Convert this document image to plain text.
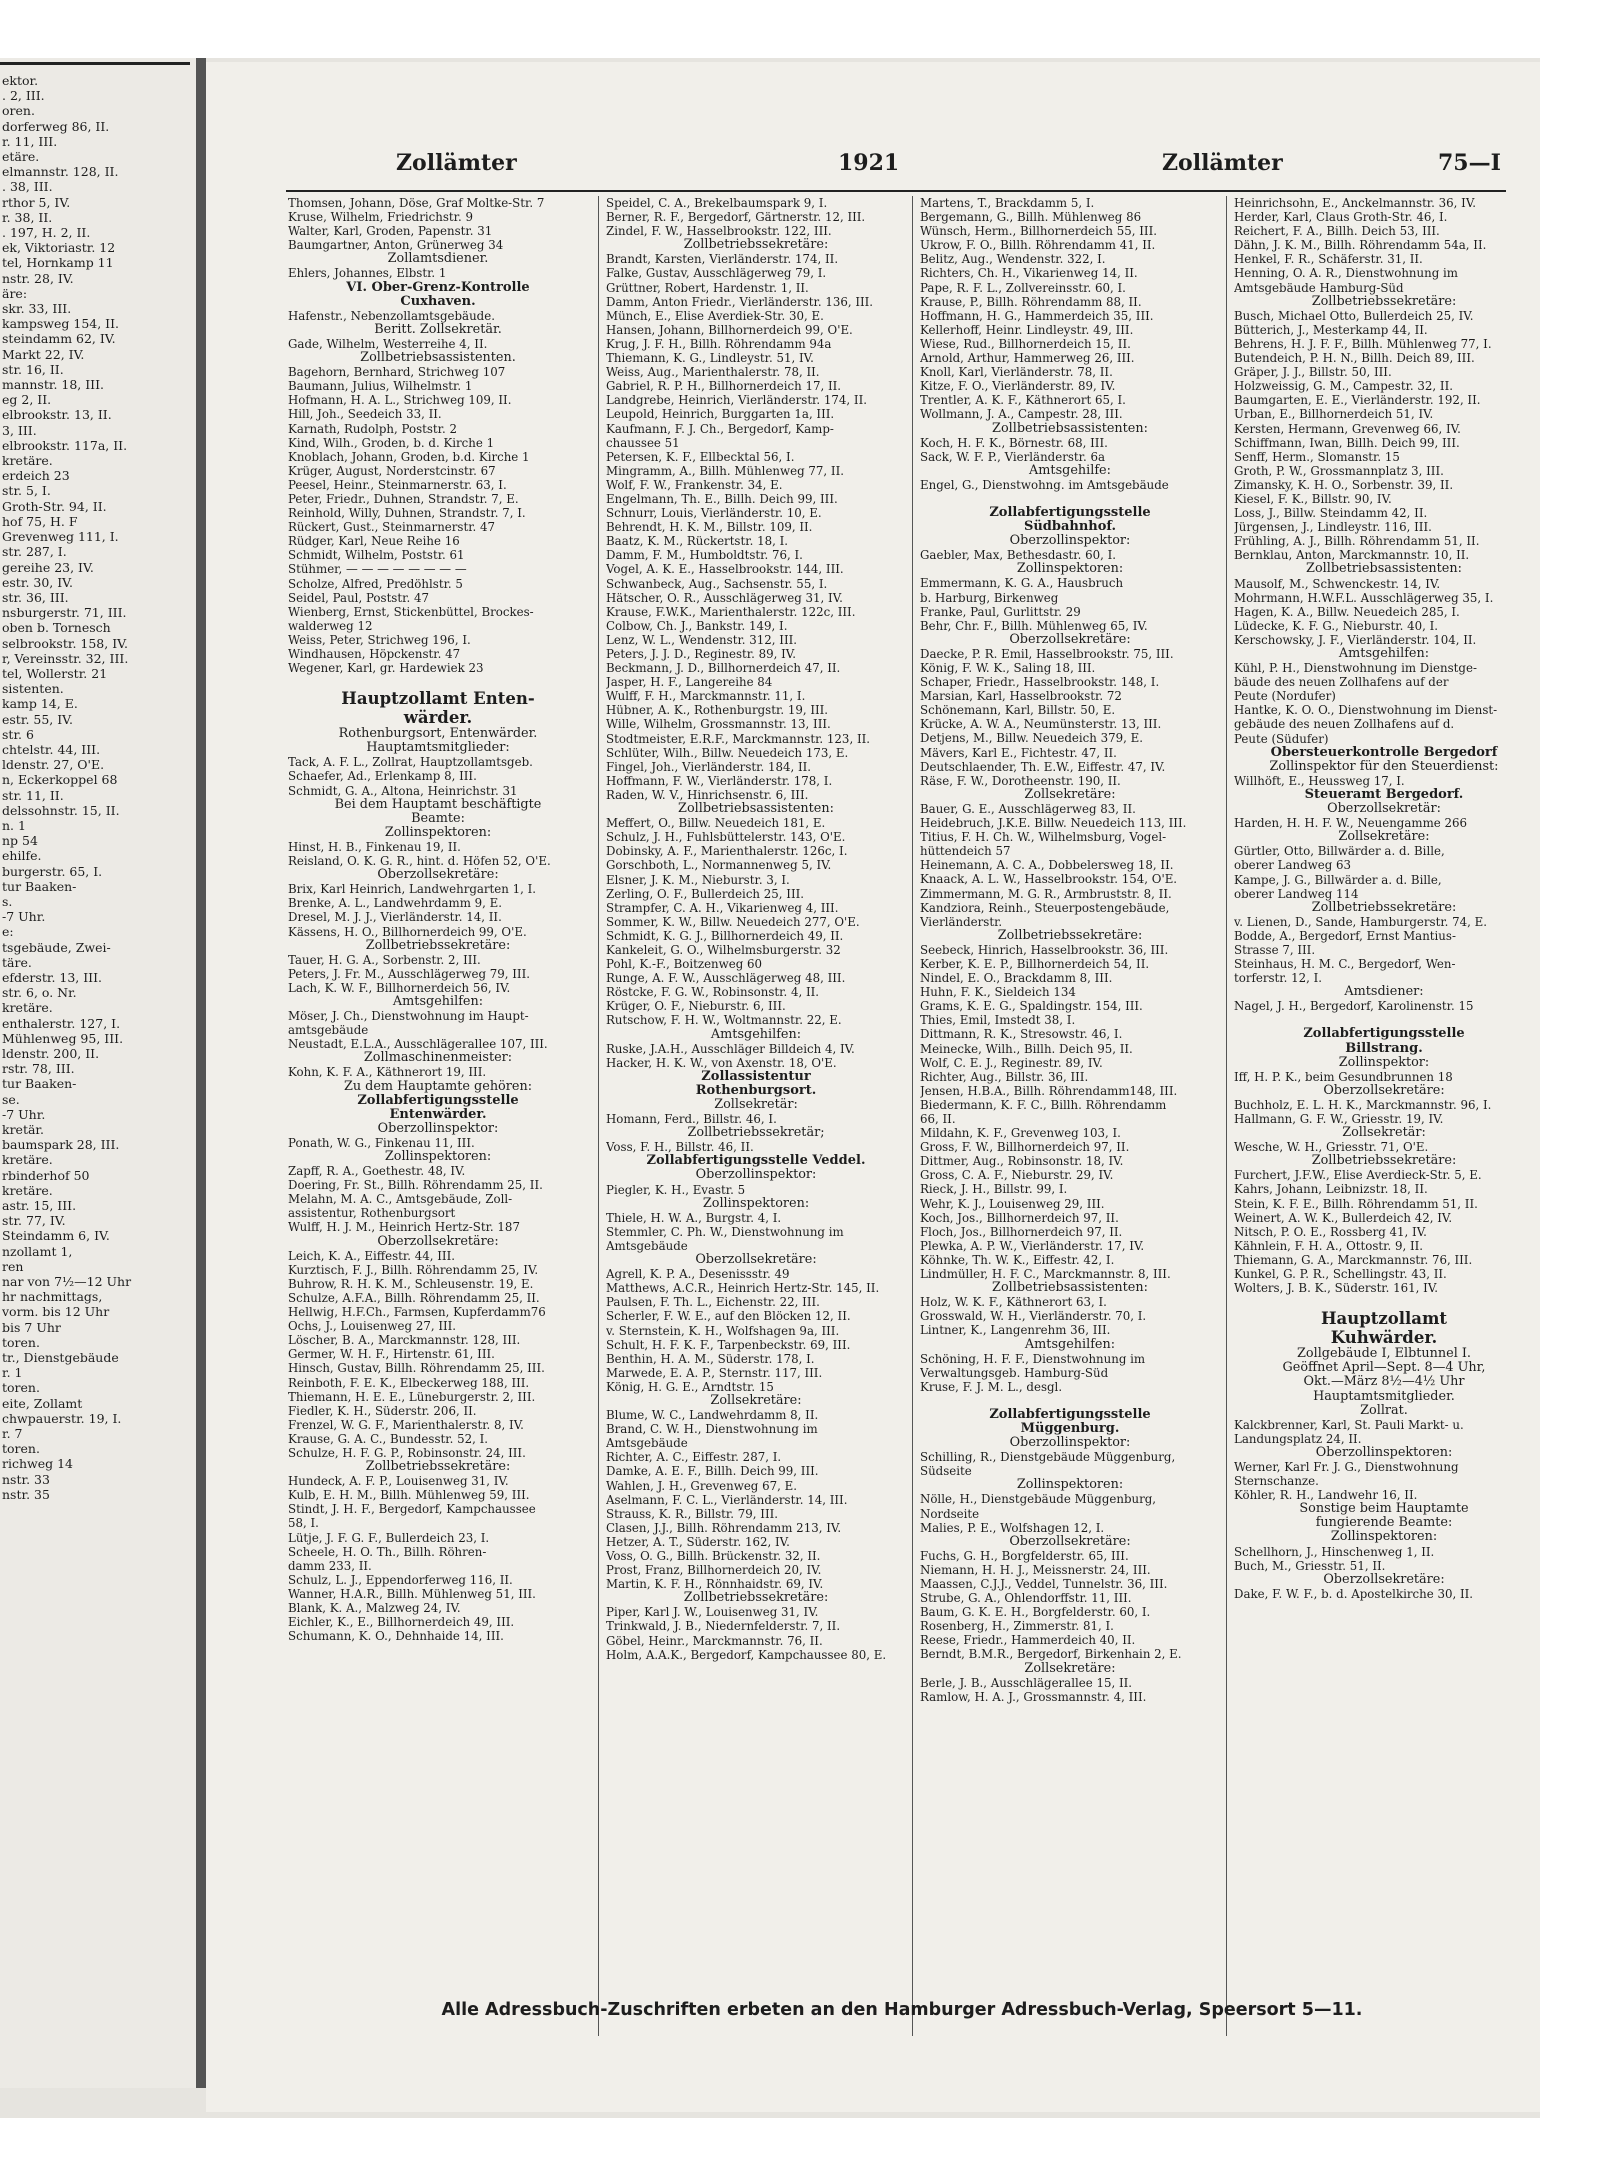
ektor.
. 2, III.
oren.
dorferweg 86, II.
r. 11, III.
etäre.
elmannstr. 128, II.
. 38, III.
rthor 5, IV.
r. 38, II.
. 197, H. 2, II.
ek, Viktoriastr. 12
tel, Hornkamp 11
nstr. 28, IV.
äre:
skr. 33, III.
kampsweg 154, II.
steindamm 62, IV.
Markt 22, IV.
str. 16, II.
mannstr. 18, III.
eg 2, II.
elbrookstr. 13, II.
3, III.
elbrookstr. 117a, II.
kretäre.
erdeich 23
str. 5, I.
Groth-Str. 94, II.
hof 75, H. F
Grevenweg 111, I.
str. 287, I.
gereihe 23, IV.
estr. 30, IV.
str. 36, III.
nsburgerstr. 71, III.
oben b. Tornesch
selbrookstr. 158, IV.
r, Vereinsstr. 32, III.
tel, Wollerstr. 21
sistenten.
kamp 14, E.
estr. 55, IV.
str. 6
chtelstr. 44, III.
ldenstr. 27, O'E.
n, Eckerkoppel 68
str. 11, II.
delssohnstr. 15, II.
n. 1
np 54
ehilfe.
burgerstr. 65, I.
tur Baaken-
s.
-7 Uhr.
e:
tsgebäude, Zwei-
täre.
efderstr. 13, III.
str. 6, o. Nr.
kretäre.
enthalerstr. 127, I.
Mühlenweg 95, III.
ldenstr. 200, II.
rstr. 78, III.
tur Baaken-
se.
-7 Uhr.
kretär.
baumspark 28, III.
kretäre.
rbinderhof 50
kretäre.
astr. 15, III.
str. 77, IV.
Steindamm 6, IV.
nzollamt 1,
ren
nar von 7½—12 Uhr
hr nachmittags,
vorm. bis 12 Uhr
bis 7 Uhr
toren.
tr., Dienstgebäude
r. 1
toren.
eite, Zollamt
chwpauerstr. 19, I.
r. 7
toren.
richweg 14
nstr. 33
nstr. 35
Zollämter	1921	Zollämter	75—I
Thomsen, Johann, Döse, Graf Moltke-Str. 7
Kruse, Wilhelm, Friedrichstr. 9
Walter, Karl, Groden, Papenstr. 31
Baumgartner, Anton, Grünerweg 34
Zollamtsdiener.
Ehlers, Johannes, Elbstr. 1
VI. Ober-Grenz-Kontrolle
Cuxhaven.
Hafenstr., Nebenzollamtsgebäude.
Beritt. Zollsekretär.
Gade, Wilhelm, Westerreihe 4, II.
Zollbetriebsassistenten.
Bagehorn, Bernhard, Strichweg 107
Baumann, Julius, Wilhelmstr. 1
Hofmann, H. A. L., Strichweg 109, II.
Hill, Joh., Seedeich 33, II.
Karnath, Rudolph, Poststr. 2
Kind, Wilh., Groden, b. d. Kirche 1
Knoblach, Johann, Groden, b.d. Kirche 1
Krüger, August, Norderstcinstr. 67
Peesel, Heinr., Steinmarnerstr. 63, I.
Peter, Friedr., Duhnen, Strandstr. 7, E.
Reinhold, Willy, Duhnen, Strandstr. 7, I.
Rückert, Gust., Steinmarnerstr. 47
Rüdger, Karl, Neue Reihe 16
Schmidt, Wilhelm, Poststr. 61
Stühmer, — — — — — — — —
Scholze, Alfred, Predöhlstr. 5
Seidel, Paul, Poststr. 47
Wienberg, Ernst, Stickenbüttel, Brockes-
walderweg 12
Weiss, Peter, Strichweg 196, I.
Windhausen, Höpckenstr. 47
Wegener, Karl, gr. Hardewiek 23
Hauptzollamt Enten-
wärder.
Rothenburgsort, Entenwärder.
Hauptamtsmitglieder:
Tack, A. F. L., Zollrat, Hauptzollamtsgeb.
Schaefer, Ad., Erlenkamp 8, III.
Schmidt, G. A., Altona, Heinrichstr. 31
Bei dem Hauptamt beschäftigte
Beamte:
Zollinspektoren:
Hinst, H. B., Finkenau 19, II.
Reisland, O. K. G. R., hint. d. Höfen 52, O'E.
Oberzollsekretäre:
Brix, Karl Heinrich, Landwehrgarten 1, I.
Brenke, A. L., Landwehrdamm 9, E.
Dresel, M. J. J., Vierländerstr. 14, II.
Kässens, H. O., Billhornerdeich 99, O'E.
Zollbetriebssekretäre:
Tauer, H. G. A., Sorbenstr. 2, III.
Peters, J. Fr. M., Ausschlägerweg 79, III.
Lach, K. W. F., Billhornerdeich 56, IV.
Amtsgehilfen:
Möser, J. Ch., Dienstwohnung im Haupt-
amtsgebäude
Neustadt, E.L.A., Ausschlägerallee 107, III.
Zollmaschinenmeister:
Kohn, K. F. A., Käthnerort 19, III.
Zu dem Hauptamte gehören:
Zollabfertigungsstelle
Entenwärder.
Oberzollinspektor:
Ponath, W. G., Finkenau 11, III.
Zollinspektoren:
Zapff, R. A., Goethestr. 48, IV.
Doering, Fr. St., Billh. Röhrendamm 25, II.
Melahn, M. A. C., Amtsgebäude, Zoll-
assistentur, Rothenburgsort
Wulff, H. J. M., Heinrich Hertz-Str. 187
Oberzollsekretäre:
Leich, K. A., Eiffestr. 44, III.
Kurztisch, F. J., Billh. Röhrendamm 25, IV.
Buhrow, R. H. K. M., Schleusenstr. 19, E.
Schulze, A.F.A., Billh. Röhrendamm 25, II.
Hellwig, H.F.Ch., Farmsen, Kupferdamm76
Ochs, J., Louisenweg 27, III.
Löscher, B. A., Marckmannstr. 128, III.
Germer, W. H. F., Hirtenstr. 61, III.
Hinsch, Gustav, Billh. Röhrendamm 25, III.
Reinboth, F. E. K., Elbeckerweg 188, III.
Thiemann, H. E. E., Lüneburgerstr. 2, III.
Fiedler, K. H., Süderstr. 206, II.
Frenzel, W. G. F., Marienthalerstr. 8, IV.
Krause, G. A. C., Bundesstr. 52, I.
Schulze, H. F. G. P., Robinsonstr. 24, III.
Zollbetriebssekretäre:
Hundeck, A. F. P., Louisenweg 31, IV.
Kulb, E. H. M., Billh. Mühlenweg 59, III.
Stindt, J. H. F., Bergedorf, Kampchaussee
58, I.
Lütje, J. F. G. F., Bullerdeich 23, I.
Scheele, H. O. Th., Billh. Röhren-
damm 233, II.
Schulz, L. J., Eppendorferweg 116, II.
Wanner, H.A.R., Billh. Mühlenweg 51, III.
Blank, K. A., Malzweg 24, IV.
Eichler, K., E., Billhornerdeich 49, III.
Schumann, K. O., Dehnhaide 14, III.
Speidel, C. A., Brekelbaumspark 9, I.
Berner, R. F., Bergedorf, Gärtnerstr. 12, III.
Zindel, F. W., Hasselbrookstr. 122, III.
Zollbetriebssekretäre:
Brandt, Karsten, Vierländerstr. 174, II.
Falke, Gustav, Ausschlägerweg 79, I.
Grüttner, Robert, Hardenstr. 1, II.
Damm, Anton Friedr., Vierländerstr. 136, III.
Münch, E., Elise Averdiek-Str. 30, E.
Hansen, Johann, Billhornerdeich 99, O'E.
Krug, J. F. H., Billh. Röhrendamm 94a
Thiemann, K. G., Lindleystr. 51, IV.
Weiss, Aug., Marienthalerstr. 78, II.
Gabriel, R. P. H., Billhornerdeich 17, II.
Landgrebe, Heinrich, Vierländerstr. 174, II.
Leupold, Heinrich, Burggarten 1a, III.
Kaufmann, F. J. Ch., Bergedorf, Kamp-
chaussee 51
Petersen, K. F., Ellbecktal 56, I.
Mingramm, A., Billh. Mühlenweg 77, II.
Wolf, F. W., Frankenstr. 34, E.
Engelmann, Th. E., Billh. Deich 99, III.
Schnurr, Louis, Vierländerstr. 10, E.
Behrendt, H. K. M., Billstr. 109, II.
Baatz, K. M., Rückertstr. 18, I.
Damm, F. M., Humboldtstr. 76, I.
Vogel, A. K. E., Hasselbrookstr. 144, III.
Schwanbeck, Aug., Sachsenstr. 55, I.
Hätscher, O. R., Ausschlägerweg 31, IV.
Krause, F.W.K., Marienthalerstr. 122c, III.
Colbow, Ch. J., Bankstr. 149, I.
Lenz, W. L., Wendenstr. 312, III.
Peters, J. J. D., Reginestr. 89, IV.
Beckmann, J. D., Billhornerdeich 47, II.
Jasper, H. F., Langereihe 84
Wulff, F. H., Marckmannstr. 11, I.
Hübner, A. K., Rothenburgstr. 19, III.
Wille, Wilhelm, Grossmannstr. 13, III.
Stodtmeister, E.R.F., Marckmannstr. 123, II.
Schlüter, Wilh., Billw. Neuedeich 173, E.
Fingel, Joh., Vierländerstr. 184, II.
Hoffmann, F. W., Vierländerstr. 178, I.
Raden, W. V., Hinrichsenstr. 6, III.
Zollbetriebsassistenten:
Meffert, O., Billw. Neuedeich 181, E.
Schulz, J. H., Fuhlsbüttelerstr. 143, O'E.
Dobinsky, A. F., Marienthalerstr. 126c, I.
Gorschboth, L., Normannenweg 5, IV.
Elsner, J. K. M., Nieburstr. 3, I.
Zerling, O. F., Bullerdeich 25, III.
Strampfer, C. A. H., Vikarienweg 4, III.
Sommer, K. W., Billw. Neuedeich 277, O'E.
Schmidt, K. G. J., Billhornerdeich 49, II.
Kankeleit, G. O., Wilhelmsburgerstr. 32
Pohl, K.-F., Boitzenweg 60
Runge, A. F. W., Ausschlägerweg 48, III.
Röstcke, F. G. W., Robinsonstr. 4, II.
Krüger, O. F., Nieburstr. 6, III.
Rutschow, F. H. W., Woltmannstr. 22, E.
Amtsgehilfen:
Ruske, J.A.H., Ausschläger Billdeich 4, IV.
Hacker, H. K. W., von Axenstr. 18, O'E.
Zollassistentur
Rothenburgsort.
Zollsekretär:
Homann, Ferd., Billstr. 46, I.
Zollbetriebssekretär;
Voss, F. H., Billstr. 46, II.
Zollabfertigungsstelle Veddel.
Oberzollinspektor:
Piegler, K. H., Evastr. 5
Zollinspektoren:
Thiele, H. W. A., Burgstr. 4, I.
Stemmler, C. Ph. W., Dienstwohnung im
Amtsgebäude
Oberzollsekretäre:
Agrell, K. P. A., Desenissstr. 49
Matthews, A.C.R., Heinrich Hertz-Str. 145, II.
Paulsen, F. Th. L., Eichenstr. 22, III.
Scherler, F. W. E., auf den Blöcken 12, II.
v. Sternstein, K. H., Wolfshagen 9a, III.
Schult, H. F. K. F., Tarpenbeckstr. 69, III.
Benthin, H. A. M., Süderstr. 178, I.
Marwede, E. A. P., Sternstr. 117, III.
König, H. G. E., Arndtstr. 15
Zollsekretäre:
Blume, W. C., Landwehrdamm 8, II.
Brand, C. W. H., Dienstwohnung im
Amtsgebäude
Richter, A. C., Eiffestr. 287, I.
Damke, A. E. F., Billh. Deich 99, III.
Wahlen, J. H., Grevenweg 67, E.
Aselmann, F. C. L., Vierländerstr. 14, III.
Strauss, K. R., Billstr. 79, III.
Clasen, J.J., Billh. Röhrendamm 213, IV.
Hetzer, A. T., Süderstr. 162, IV.
Voss, O. G., Billh. Brückenstr. 32, II.
Prost, Franz, Billhornerdeich 20, IV.
Martin, K. F. H., Rönnhaidstr. 69, IV.
Zollbetriebssekretäre:
Piper, Karl J. W., Louisenweg 31, IV.
Trinkwald, J. B., Niedernfelderstr. 7, II.
Göbel, Heinr., Marckmannstr. 76, II.
Holm, A.A.K., Bergedorf, Kampchaussee 80, E.
Martens, T., Brackdamm 5, I.
Bergemann, G., Billh. Mühlenweg 86
Wünsch, Herm., Billhornerdeich 55, III.
Ukrow, F. O., Billh. Röhrendamm 41, II.
Belitz, Aug., Wendenstr. 322, I.
Richters, Ch. H., Vikarienweg 14, II.
Pape, R. F. L., Zollvereinsstr. 60, I.
Krause, P., Billh. Röhrendamm 88, II.
Hoffmann, H. G., Hammerdeich 35, III.
Kellerhoff, Heinr. Lindleystr. 49, III.
Wiese, Rud., Billhornerdeich 15, II.
Arnold, Arthur, Hammerweg 26, III.
Knoll, Karl, Vierländerstr. 78, II.
Kitze, F. O., Vierländerstr. 89, IV.
Trentler, A. K. F., Käthnerort 65, I.
Wollmann, J. A., Campestr. 28, III.
Zollbetriebsassistenten:
Koch, H. F. K., Börnestr. 68, III.
Sack, W. F. P., Vierländerstr. 6a
Amtsgehilfe:
Engel, G., Dienstwohng. im Amtsgebäude
Zollabfertigungsstelle
Südbahnhof.
Oberzollinspektor:
Gaebler, Max, Bethesdastr. 60, I.
Zollinspektoren:
Emmermann, K. G. A., Hausbruch
b. Harburg, Birkenweg
Franke, Paul, Gurlittstr. 29
Behr, Chr. F., Billh. Mühlenweg 65, IV.
Oberzollsekretäre:
Daecke, P. R. Emil, Hasselbrookstr. 75, III.
König, F. W. K., Saling 18, III.
Schaper, Friedr., Hasselbrookstr. 148, I.
Marsian, Karl, Hasselbrookstr. 72
Schönemann, Karl, Billstr. 50, E.
Krücke, A. W. A., Neumünsterstr. 13, III.
Detjens, M., Billw. Neuedeich 379, E.
Mävers, Karl E., Fichtestr. 47, II.
Deutschlaender, Th. E.W., Eiffestr. 47, IV.
Räse, F. W., Dorotheenstr. 190, II.
Zollsekretäre:
Bauer, G. E., Ausschlägerweg 83, II.
Heidebruch, J.K.E. Billw. Neuedeich 113, III.
Titius, F. H. Ch. W., Wilhelmsburg, Vogel-
hüttendeich 57
Heinemann, A. C. A., Dobbelersweg 18, II.
Knaack, A. L. W., Hasselbrookstr. 154, O'E.
Zimmermann, M. G. R., Armbruststr. 8, II.
Kandziora, Reinh., Steuerpostengebäude,
Vierländerstr.
Zollbetriebssekretäre:
Seebeck, Hinrich, Hasselbrookstr. 36, III.
Kerber, K. E. P., Billhornerdeich 54, II.
Nindel, E. O., Brackdamm 8, III.
Huhn, F. K., Sieldeich 134
Grams, K. E. G., Spaldingstr. 154, III.
Thies, Emil, Imstedt 38, I.
Dittmann, R. K., Stresowstr. 46, I.
Meinecke, Wilh., Billh. Deich 95, II.
Wolf, C. E. J., Reginestr. 89, IV.
Richter, Aug., Billstr. 36, III.
Jensen, H.B.A., Billh. Röhrendamm148, III.
Biedermann, K. F. C., Billh. Röhrendamm
66, II.
Mildahn, K. F., Grevenweg 103, I.
Gross, F. W., Billhornerdeich 97, II.
Dittmer, Aug., Robinsonstr. 18, IV.
Gross, C. A. F., Nieburstr. 29, IV.
Rieck, J. H., Billstr. 99, I.
Wehr, K. J., Louisenweg 29, III.
Koch, Jos., Billhornerdeich 97, II.
Floch, Jos., Billhornerdeich 97, II.
Plewka, A. P. W., Vierländerstr. 17, IV.
Köhnke, Th. W. K., Eiffestr. 42, I.
Lindmüller, H. F. C., Marckmannstr. 8, III.
Zollbetriebsassistenten:
Holz, W. K. F., Käthnerort 63, I.
Grosswald, W. H., Vierländerstr. 70, I.
Lintner, K., Langenrehm 36, III.
Amtsgehilfen:
Schöning, H. F. F., Dienstwohnung im
Verwaltungsgeb. Hamburg-Süd
Kruse, F. J. M. L., desgl.
Zollabfertigungsstelle
Müggenburg.
Oberzollinspektor:
Schilling, R., Dienstgebäude Müggenburg,
Südseite
Zollinspektoren:
Nölle, H., Dienstgebäude Müggenburg,
Nordseite
Malies, P. E., Wolfshagen 12, I.
Oberzollsekretäre:
Fuchs, G. H., Borgfelderstr. 65, III.
Niemann, H. H. J., Meissnerstr. 24, III.
Maassen, C.J.J., Veddel, Tunnelstr. 36, III.
Strube, G. A., Ohlendorffstr. 11, III.
Baum, G. K. E. H., Borgfelderstr. 60, I.
Rosenberg, H., Zimmerstr. 81, I.
Reese, Friedr., Hammerdeich 40, II.
Berndt, B.M.R., Bergedorf, Birkenhain 2, E.
Zollsekretäre:
Berle, J. B., Ausschlägerallee 15, II.
Ramlow, H. A. J., Grossmannstr. 4, III.
Heinrichsohn, E., Anckelmannstr. 36, IV.
Herder, Karl, Claus Groth-Str. 46, I.
Reichert, F. A., Billh. Deich 53, III.
Dähn, J. K. M., Billh. Röhrendamm 54a, II.
Henkel, F. R., Schäferstr. 31, II.
Henning, O. A. R., Dienstwohnung im
Amtsgebäude Hamburg-Süd
Zollbetriebssekretäre:
Busch, Michael Otto, Bullerdeich 25, IV.
Bütterich, J., Mesterkamp 44, II.
Behrens, H. J. F. F., Billh. Mühlenweg 77, I.
Butendeich, P. H. N., Billh. Deich 89, III.
Gräper, J. J., Billstr. 50, III.
Holzweissig, G. M., Campestr. 32, II.
Baumgarten, E. E., Vierländerstr. 192, II.
Urban, E., Billhornerdeich 51, IV.
Kersten, Hermann, Grevenweg 66, IV.
Schiffmann, Iwan, Billh. Deich 99, III.
Senff, Herm., Slomanstr. 15
Groth, P. W., Grossmannplatz 3, III.
Zimansky, K. H. O., Sorbenstr. 39, II.
Kiesel, F. K., Billstr. 90, IV.
Loss, J., Billw. Steindamm 42, II.
Jürgensen, J., Lindleystr. 116, III.
Frühling, A. J., Billh. Röhrendamm 51, II.
Bernklau, Anton, Marckmannstr. 10, II.
Zollbetriebsassistenten:
Mausolf, M., Schwenckestr. 14, IV.
Mohrmann, H.W.F.L. Ausschlägerweg 35, I.
Hagen, K. A., Billw. Neuedeich 285, I.
Lüdecke, K. F. G., Nieburstr. 40, I.
Kerschowsky, J. F., Vierländerstr. 104, II.
Amtsgehilfen:
Kühl, P. H., Dienstwohnung im Dienstge-
bäude des neuen Zollhafens auf der
Peute (Nordufer)
Hantke, K. O. O., Dienstwohnung im Dienst-
gebäude des neuen Zollhafens auf d.
Peute (Südufer)
Obersteuerkontrolle Bergedorf
Zollinspektor für den Steuerdienst:
Willhöft, E., Heussweg 17, I.
Steueramt Bergedorf.
Oberzollsekretär:
Harden, H. H. F. W., Neuengamme 266
Zollsekretäre:
Gürtler, Otto, Billwärder a. d. Bille,
oberer Landweg 63
Kampe, J. G., Billwärder a. d. Bille,
oberer Landweg 114
Zollbetriebssekretäre:
v. Lienen, D., Sande, Hamburgerstr. 74, E.
Bodde, A., Bergedorf, Ernst Mantius-
Strasse 7, III.
Steinhaus, H. M. C., Bergedorf, Wen-
torferstr. 12, I.
Amtsdiener:
Nagel, J. H., Bergedorf, Karolinenstr. 15
Zollabfertigungsstelle
Billstrang.
Zollinspektor:
Iff, H. P. K., beim Gesundbrunnen 18
Oberzollsekretäre:
Buchholz, E. L. H. K., Marckmannstr. 96, I.
Hallmann, G. F. W., Griesstr. 19, IV.
Zollsekretär:
Wesche, W. H., Griesstr. 71, O'E.
Zollbetriebssekretäre:
Furchert, J.F.W., Elise Averdieck-Str. 5, E.
Kahrs, Johann, Leibnizstr. 18, II.
Stein, K. F. E., Billh. Röhrendamm 51, II.
Weinert, A. W. K., Bullerdeich 42, IV.
Nitsch, P. O. E., Rossberg 41, IV.
Kähnlein, F. H. A., Ottostr. 9, II.
Thiemann, G. A., Marckmannstr. 76, III.
Kunkel, G. P. R., Schellingstr. 43, II.
Wolters, J. B. K., Süderstr. 161, IV.
Hauptzollamt
Kuhwärder.
Zollgebäude I, Elbtunnel I.
Geöffnet April—Sept. 8—4 Uhr,
Okt.—März 8½—4½ Uhr
Hauptamtsmitglieder.
Zollrat.
Kalckbrenner, Karl, St. Pauli Markt- u.
Landungsplatz 24, II.
Oberzollinspektoren:
Werner, Karl Fr. J. G., Dienstwohnung
Sternschanze.
Köhler, R. H., Landwehr 16, II.
Sonstige beim Hauptamte
fungierende Beamte:
Zollinspektoren:
Schellhorn, J., Hinschenweg 1, II.
Buch, M., Griesstr. 51, II.
Oberzollsekretäre:
Dake, F. W. F., b. d. Apostelkirche 30, II.
Alle Adressbuch-Zuschriften erbeten an den Hamburger Adressbuch-Verlag, Speersort 5—11.
